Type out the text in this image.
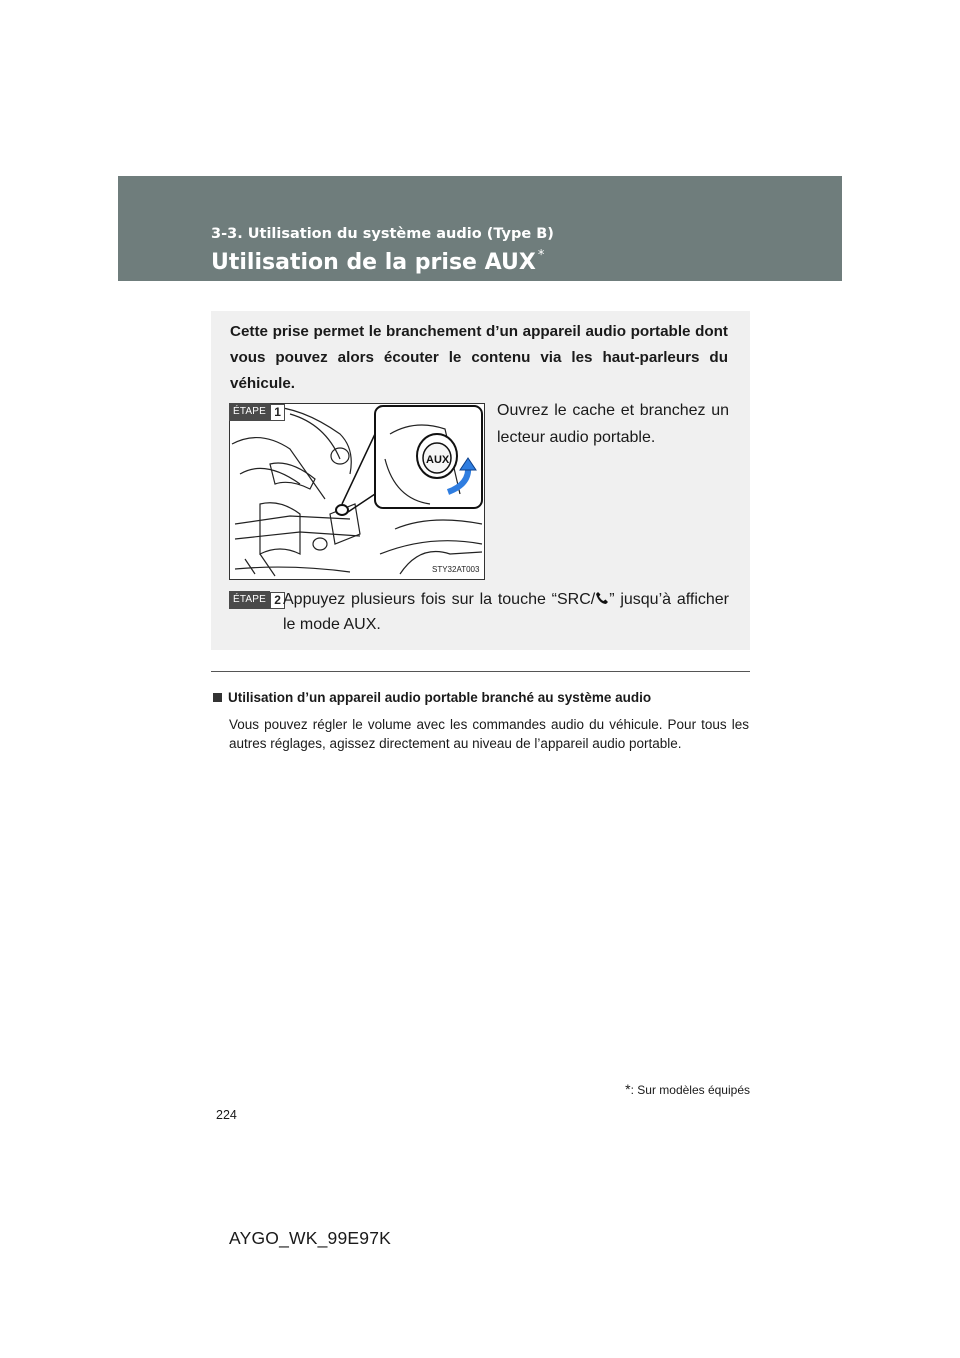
3-3. Utilisation du système audio (Type B)
Utilisation de la prise AUX *
Cette prise permet le branchement d’un appareil audio portable dont vous pouvez alors écouter le contenu via les haut-parleurs du véhicule.
AUX
STY32AT003
ÉTAPE 1	Ouvrez le cache et branchez un lecteur audio portable.
ÉTAPE 2 Appuyez plusieurs fois sur la touche “SRC/ ” jusqu’à afficher le mode AUX.
Utilisation d’un appareil audio portable branché au système audio
Vous pouvez régler le volume avec les commandes audio du véhicule. Pour tous les autres réglages, agissez directement au niveau de l’appareil audio portable.
*: Sur modèles équipés
224
AYGO_WK_99E97K
